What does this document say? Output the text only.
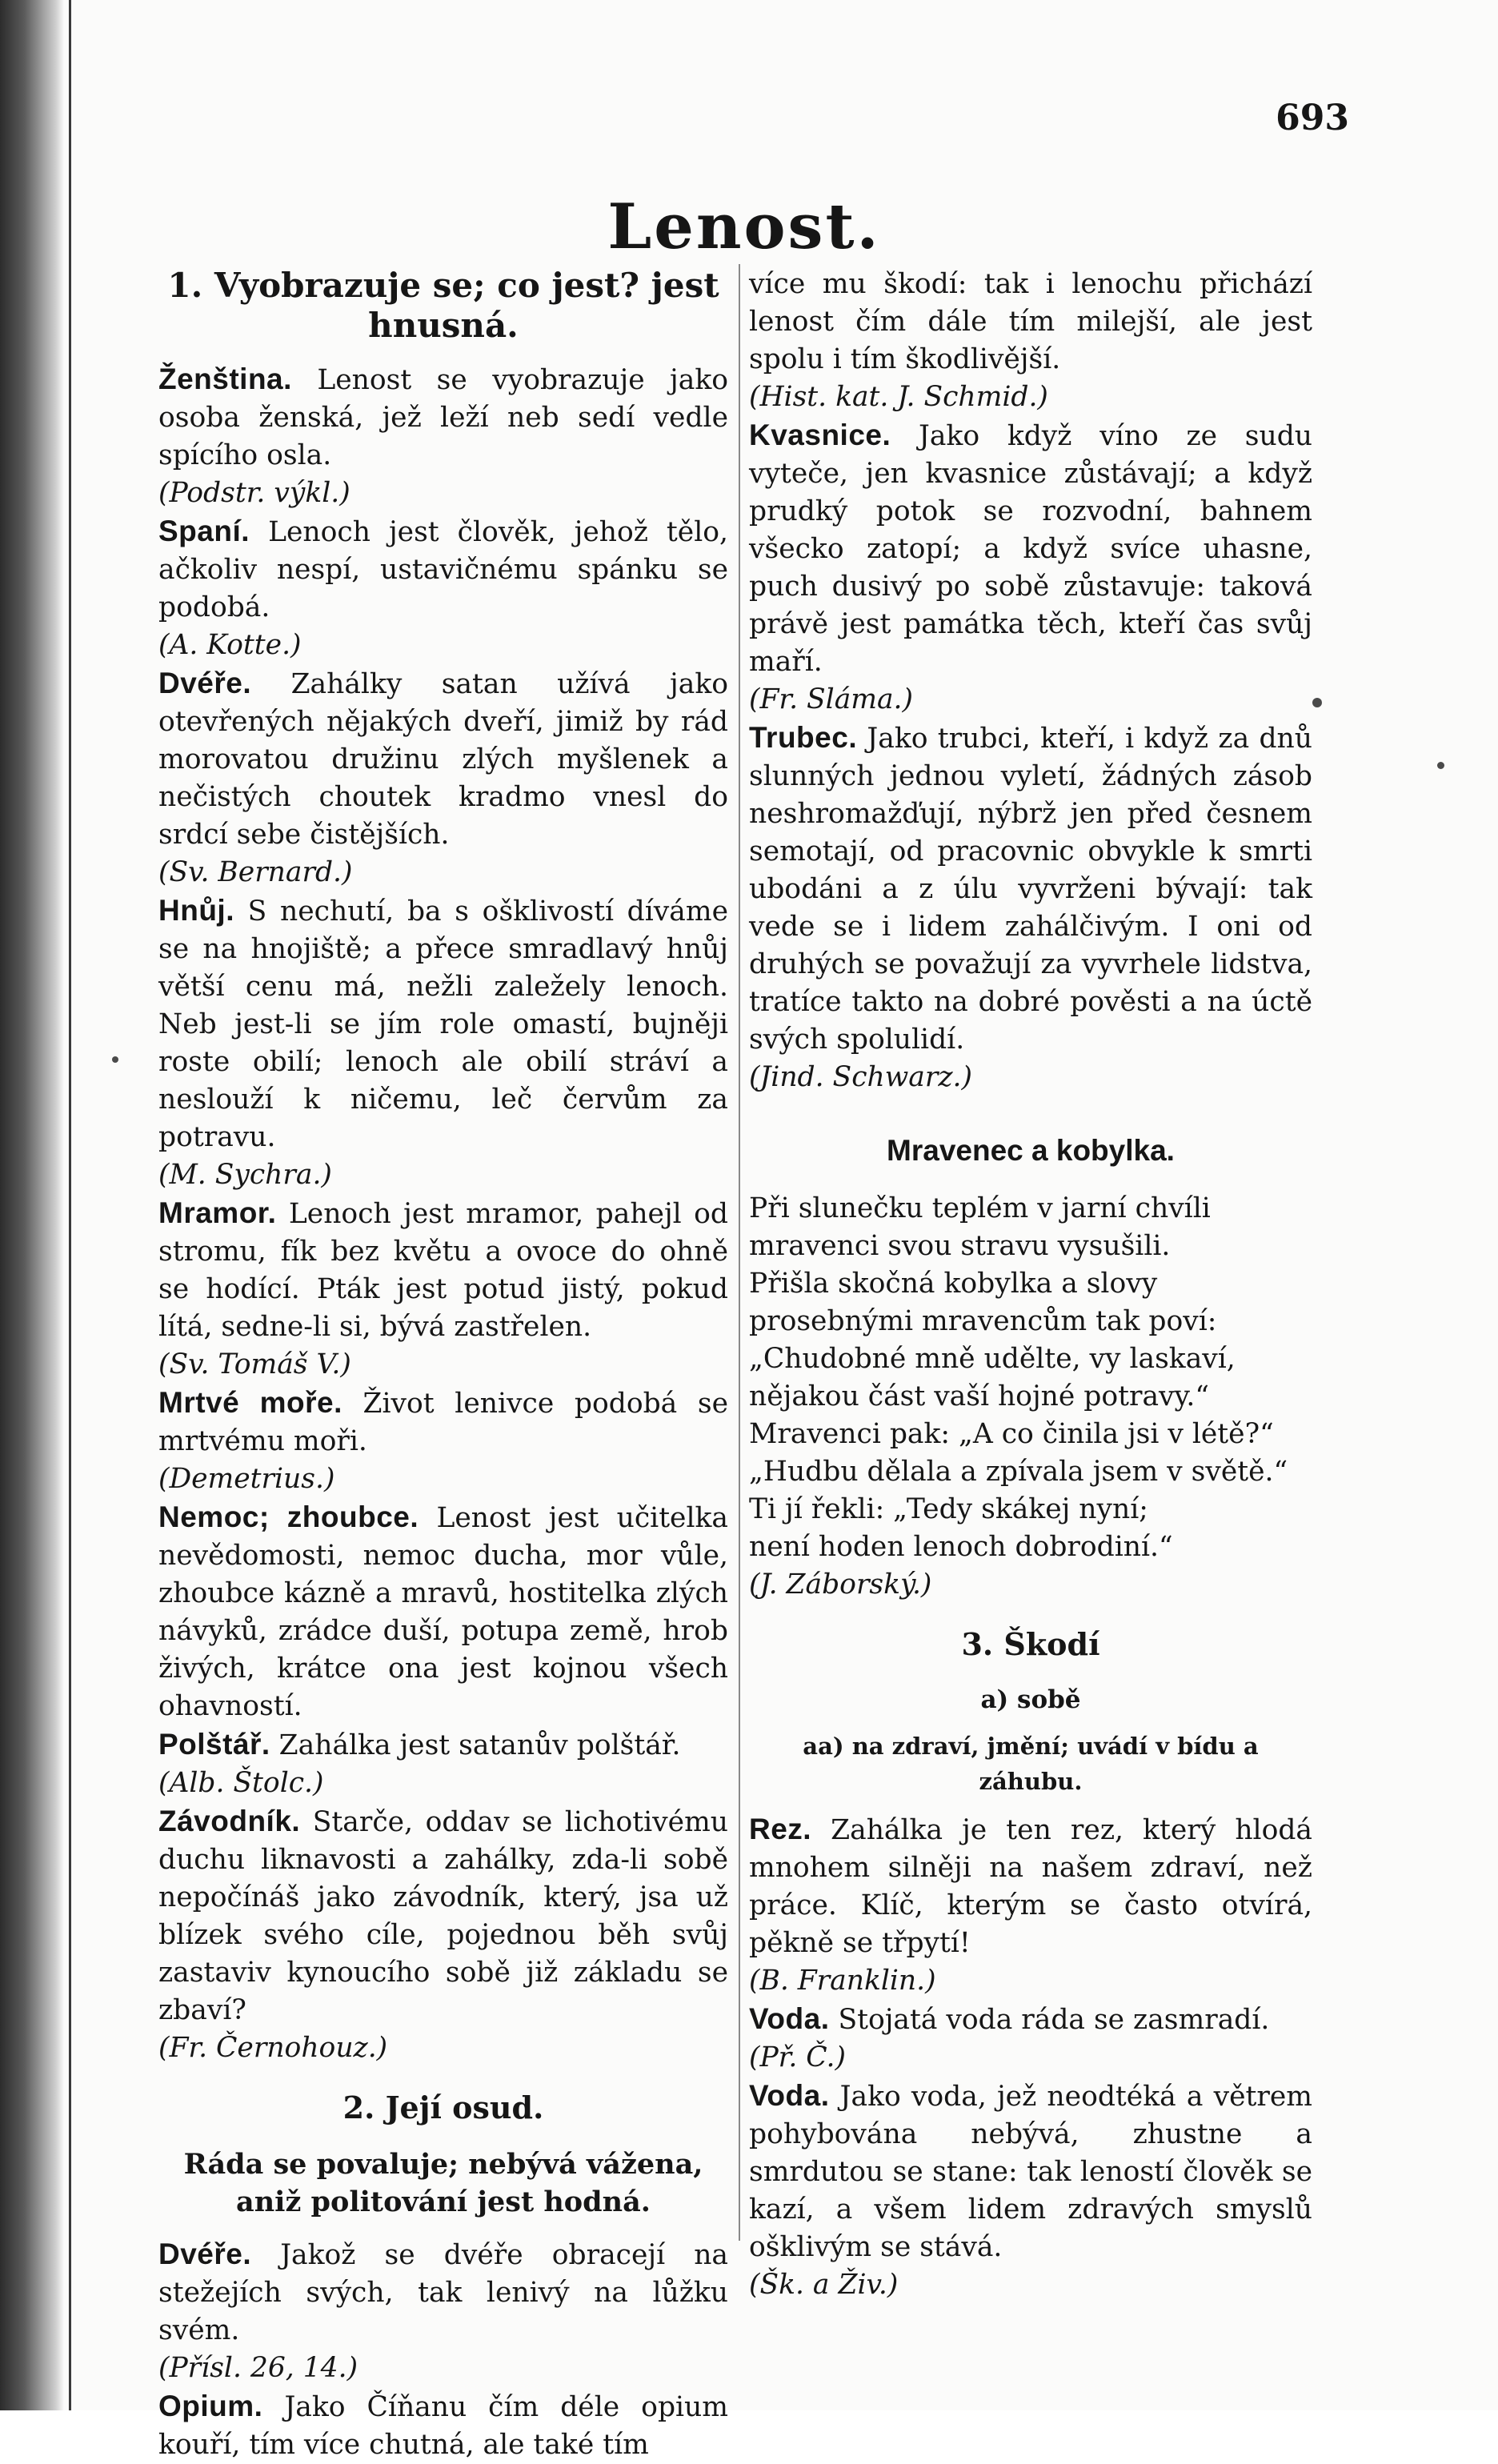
693
Lenost.
1. Vyobrazuje se; co jest? jest hnusná.

Ženština. Lenost se vyobrazuje jako osoba ženská, jež leží neb sedí vedle spícího osla.

(Podstr. výkl.)

Spaní. Lenoch jest člověk, jehož tělo, ačkoliv nespí, ustavičnému spánku se podobá.

(A. Kotte.)

Dvéře. Zahálky satan užívá jako otevřených nějakých dveří, jimiž by rád morovatou družinu zlých myšlenek a nečistých choutek kradmo vnesl do srdcí sebe čistějších.

(Sv. Bernard.)

Hnůj. S nechutí, ba s ošklivostí díváme se na hnojiště; a přece smradlavý hnůj větší cenu má, nežli zaležely lenoch. Neb jest-li se jím role omastí, bujněji roste obilí; lenoch ale obilí stráví a neslouží k ničemu, leč červům za potravu.

(M. Sychra.)

Mramor. Lenoch jest mramor, pahejl od stromu, fík bez květu a ovoce do ohně se hodící. Pták jest potud jistý, pokud lítá, sedne-li si, bývá zastřelen.

(Sv. Tomáš V.)

Mrtvé moře. Život lenivce podobá se mrtvému moři.

(Demetrius.)

Nemoc; zhoubce. Lenost jest učitelka nevědomosti, nemoc ducha, mor vůle, zhoubce kázně a mravů, hostitelka zlých návyků, zrádce duší, potupa země, hrob živých, krátce ona jest kojnou všech ohavností.

Polštář. Zahálka jest satanův polštář.

(Alb. Štolc.)

Závodník. Starče, oddav se lichotivému duchu liknavosti a zahálky, zda-li sobě nepočínáš jako závodník, který, jsa už blízek svého cíle, pojednou běh svůj zastaviv kynoucího sobě již základu se zbaví?

(Fr. Černohouz.)

2. Její osud.
Ráda se povaluje; nebývá vážena, aniž politování jest hodná.

Dvéře. Jakož se dvéře obracejí na stežejích svých, tak lenivý na lůžku svém.

(Přísl. 26, 14.)

Opium. Jako Číňanu čím déle opium kouří, tím více chutná, ale také tím

více mu škodí: tak i lenochu přichází lenost čím dále tím milejší, ale jest spolu i tím škodlivější.

(Hist. kat. J. Schmid.)

Kvasnice. Jako když víno ze sudu vyteče, jen kvasnice zůstávají; a když prudký potok se rozvodní, bahnem všecko zatopí; a když svíce uhasne, puch dusivý po sobě zůstavuje: taková právě jest památka těch, kteří čas svůj maří.

(Fr. Sláma.)

Trubec. Jako trubci, kteří, i když za dnů slunných jednou vyletí, žádných zásob neshromažďují, nýbrž jen před česnem semotají, od pracovnic obvykle k smrti ubodáni a z úlu vyvrženi bývají: tak vede se i lidem zahálčivým. I oni od druhých se považují za vyvrhele lidstva, tratíce takto na dobré pověsti a na úctě svých spolulidí.

(Jind. Schwarz.)

Mravenec a kobylka.

Při slunečku teplém v jarní chvíli

mravenci svou stravu vysušili.

Přišla skočná kobylka a slovy

prosebnými mravencům tak poví:

„Chudobné mně udělte, vy laskaví,

nějakou část vaší hojné potravy.“

Mravenci pak: „A co činila jsi v létě?“

„Hudbu dělala a zpívala jsem v světě.“

Ti jí řekli: „Tedy skákej nyní;

není hoden lenoch dobrodiní.“

(J. Záborský.)

3. Škodí
a) sobě
aa) na zdraví, jmění; uvádí v bídu a záhubu.

Rez. Zahálka je ten rez, který hlodá mnohem silněji na našem zdraví, než práce. Klíč, kterým se často otvírá, pěkně se třpytí!

(B. Franklin.)

Voda. Stojatá voda ráda se zasmradí.

(Př. Č.)

Voda. Jako voda, jež neodtéká a větrem pohybována nebývá, zhustne a smrdutou se stane: tak leností člověk se kazí, a všem lidem zdravých smyslů ošklivým se stává.

(Šk. a Živ.)
